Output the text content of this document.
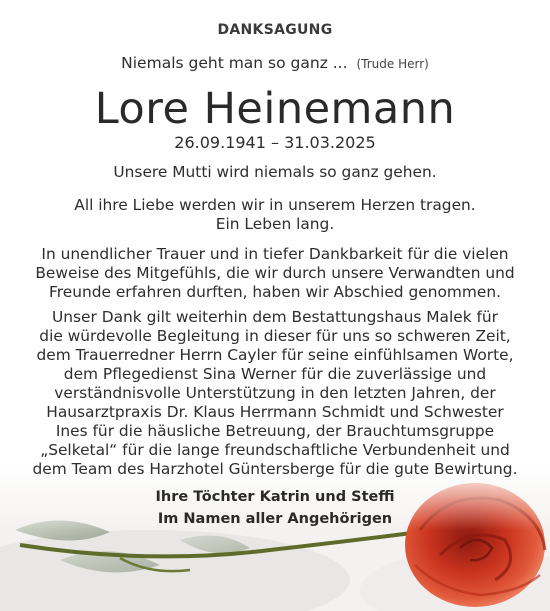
DANKSAGUNG
Niemals geht man so ganz ... (Trude Herr)
Lore Heinemann
26.09.1941 – 31.03.2025
Unsere Mutti wird niemals so ganz gehen.
All ihre Liebe werden wir in unserem Herzen tragen.
Ein Leben lang.
In unendlicher Trauer und in tiefer Dankbarkeit für die vielen
Beweise des Mitgefühls, die wir durch unsere Verwandten und
Freunde erfahren durften, haben wir Abschied genommen.
Unser Dank gilt weiterhin dem Bestattungshaus Malek für
die würdevolle Begleitung in dieser für uns so schweren Zeit,
dem Trauerredner Herrn Cayler für seine einfühlsamen Worte,
dem Pflegedienst Sina Werner für die zuverlässige und
verständnisvolle Unterstützung in den letzten Jahren, der
Hausarztpraxis Dr. Klaus Herrmann Schmidt und Schwester
Ines für die häusliche Betreuung, der Brauchtumsgruppe
„Selketal“ für die lange freundschaftliche Verbundenheit und
dem Team des Harzhotel Güntersberge für die gute Bewirtung.
Ihre Töchter Katrin und Steffi
Im Namen aller Angehörigen
